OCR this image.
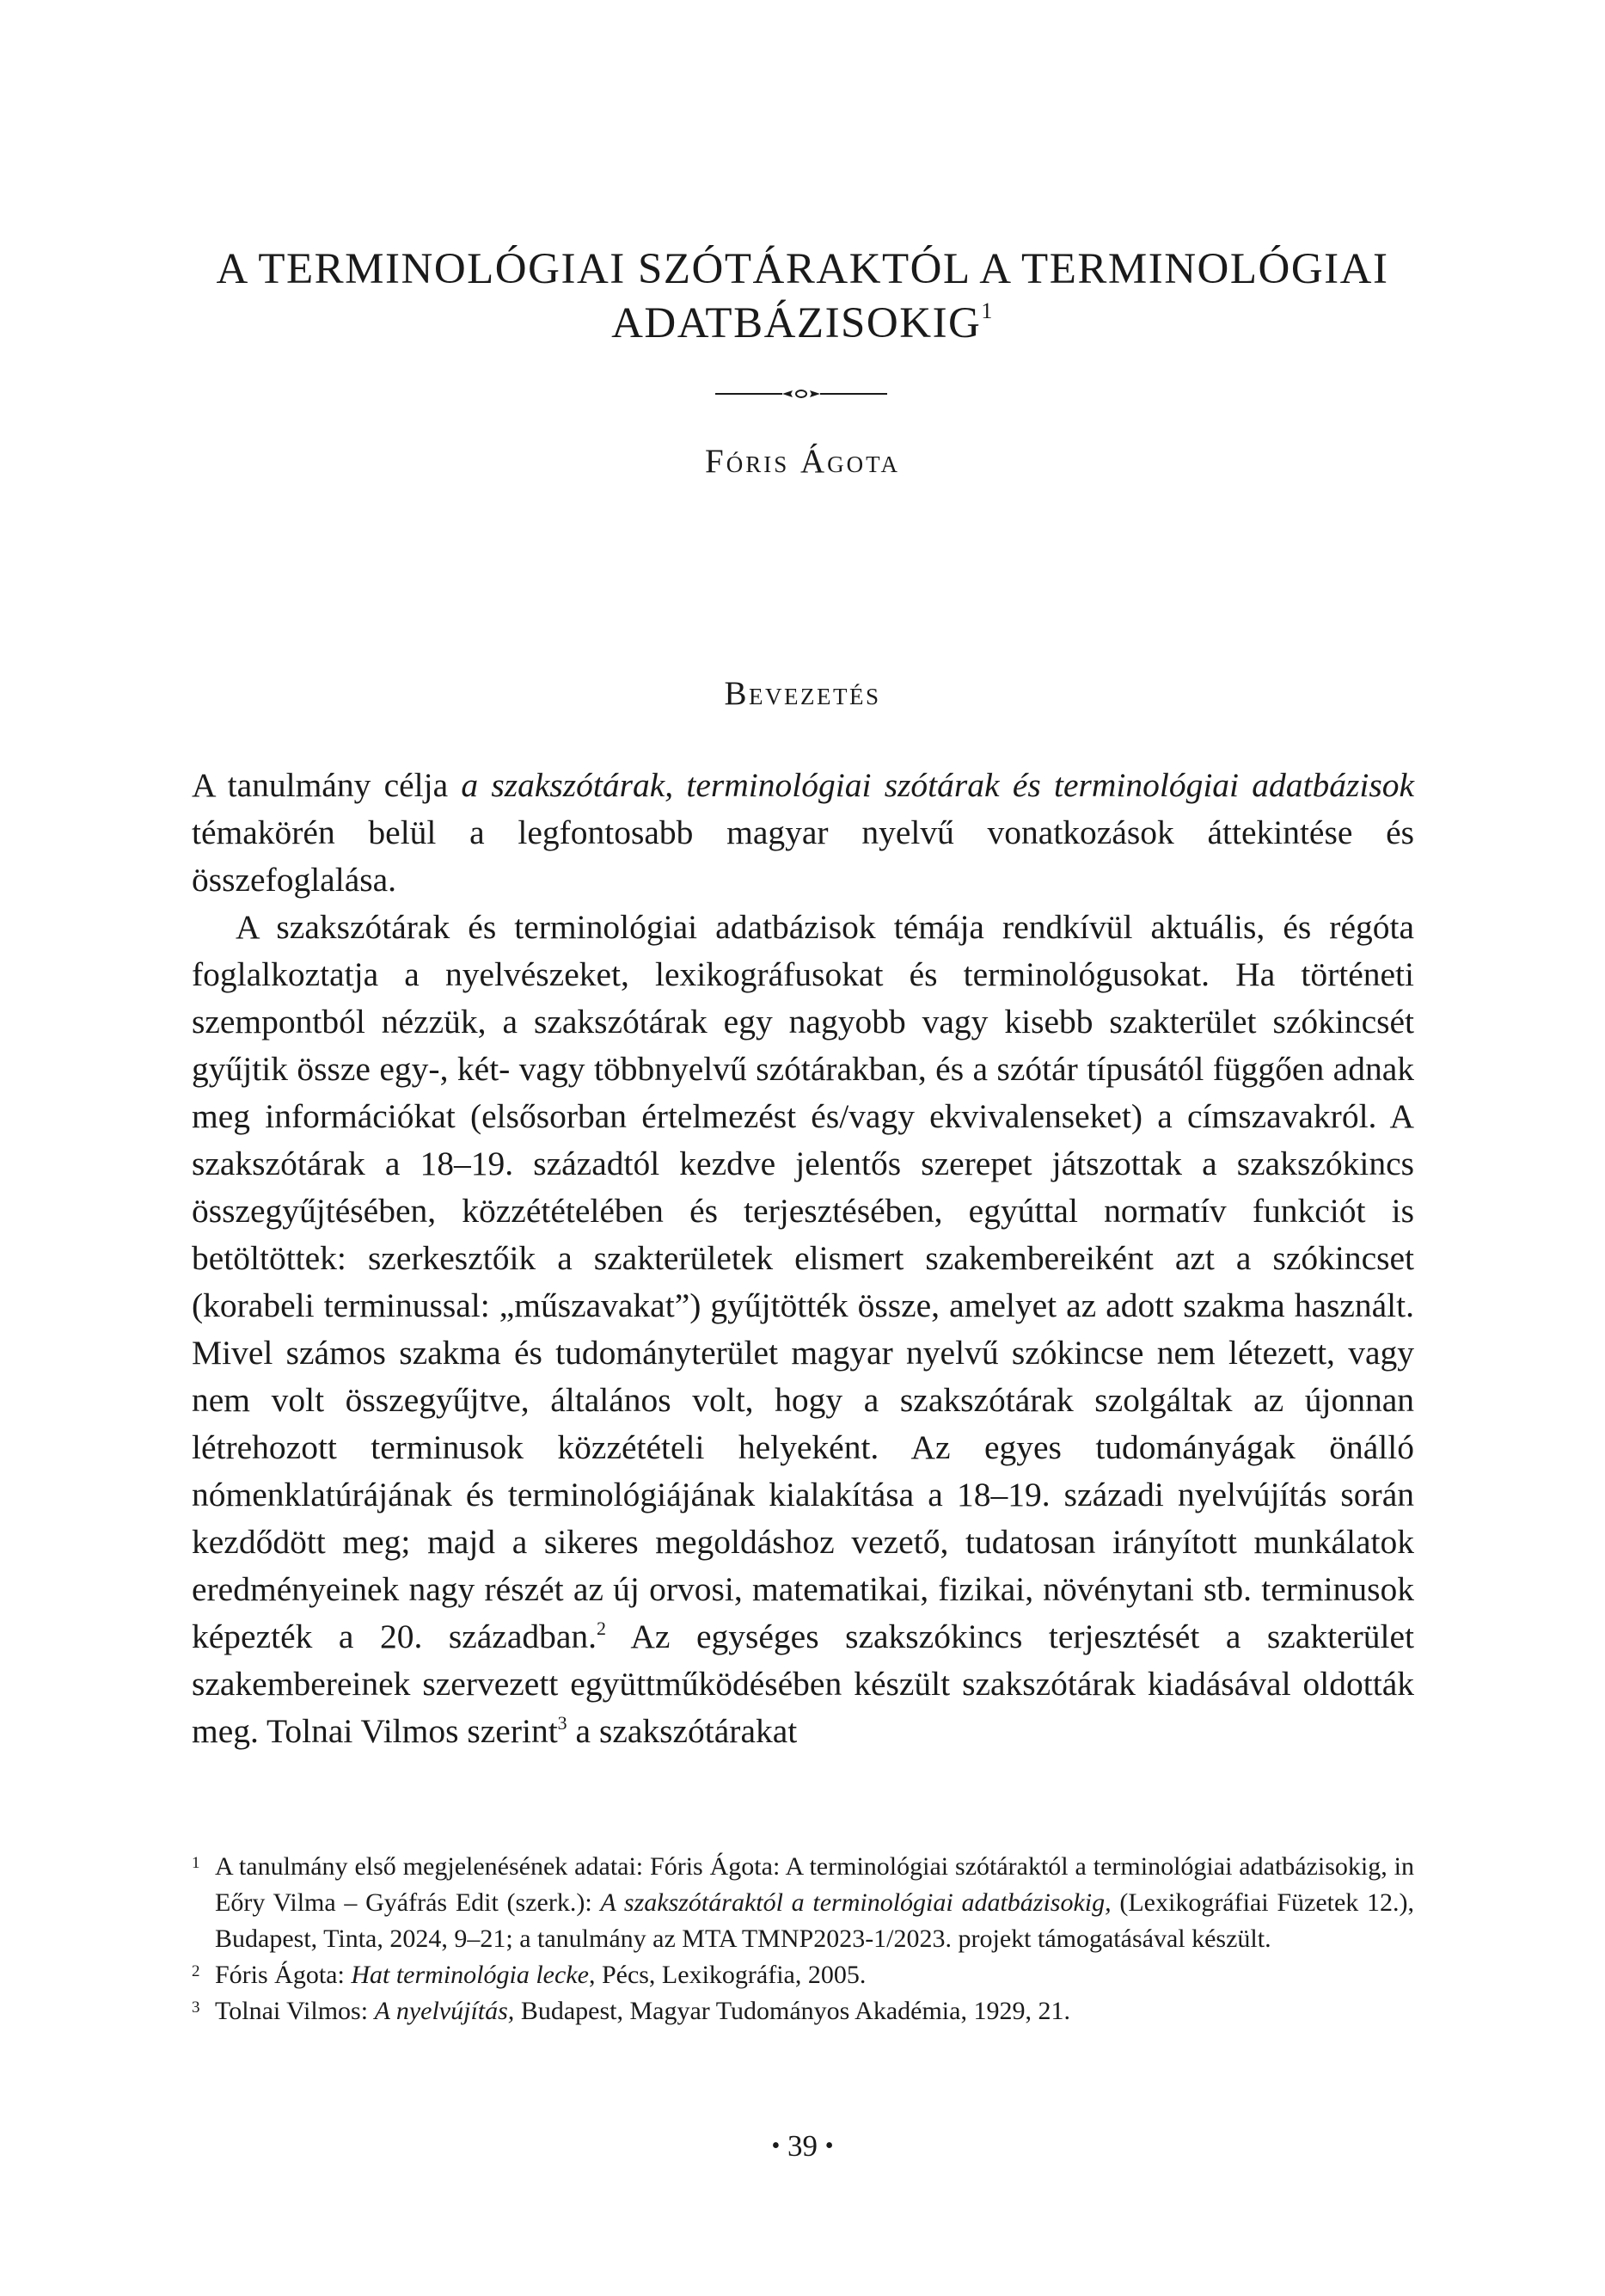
A TERMINOLÓGIAI SZÓTÁRAKTÓL A TERMINOLÓGIAI
ADATBÁZISOKIG$^1$
Fóris Ágota
Bevezetés

A tanulmány célja a szakszótárak, terminológiai szótárak és terminológiai adatbázisok témakörén belül a legfontosabb magyar nyelvű vonatkozások áttekintése és összefoglalása.

A szakszótárak és terminológiai adatbázisok témája rendkívül aktuális, és régóta foglalkoztatja a nyelvészeket, lexikográfusokat és terminológusokat. Ha történeti szempontból nézzük, a szakszótárak egy nagyobb vagy kisebb szakterület szókincsét gyűjtik össze egy-, két- vagy többnyelvű szótárakban, és a szótár típusától függően adnak meg információkat (elsősorban értelmezést és/vagy ekvivalenseket) a címszavakról. A szakszótárak a 18–19. századtól kezdve jelentős szerepet játszottak a szakszókincs összegyűjtésében, közzétételében és terjesztésében, egyúttal normatív funkciót is betöltöttek: szerkesztőik a szakterületek elismert szakembereiként azt a szókincset (korabeli terminussal: „műszavakat”) gyűjtötték össze, amelyet az adott szakma használt. Mivel számos szakma és tudományterület magyar nyelvű szókincse nem létezett, vagy nem volt összegyűjtve, általános volt, hogy a szakszótárak szolgáltak az újonnan létrehozott terminusok közzétételi helyeként. Az egyes tudományágak önálló nómenklatúrájának és terminológiájának kialakítása a 18–19. századi nyelvújítás során kezdődött meg; majd a sikeres megoldáshoz vezető, tudatosan irányított munkálatok eredményeinek nagy részét az új orvosi, matematikai, fizikai, növénytani stb. terminusok képezték a 20. században.$^2$ Az egységes szakszókincs terjesztését a szakterület szakembereinek szervezett együttműködésében készült szakszótárak kiadásával oldották meg. Tolnai Vilmos szerint$^3$ a szakszótárakat

1 A tanulmány első megjelenésének adatai: Fóris Ágota: A terminológiai szótáraktól a terminológiai adatbázisokig, in Eőry Vilma – Gyáfrás Edit (szerk.): A szakszótáraktól a terminológiai adatbázisokig, (Lexikográfiai Füzetek 12.), Budapest, Tinta, 2024, 9–21; a tanulmány az MTA TMNP2023-1/2023. projekt támogatásával készült.

2 Fóris Ágota: Hat terminológia lecke, Pécs, Lexikográfia, 2005.

3 Tolnai Vilmos: A nyelvújítás, Budapest, Magyar Tudományos Akadémia, 1929, 21.

• 39 •
